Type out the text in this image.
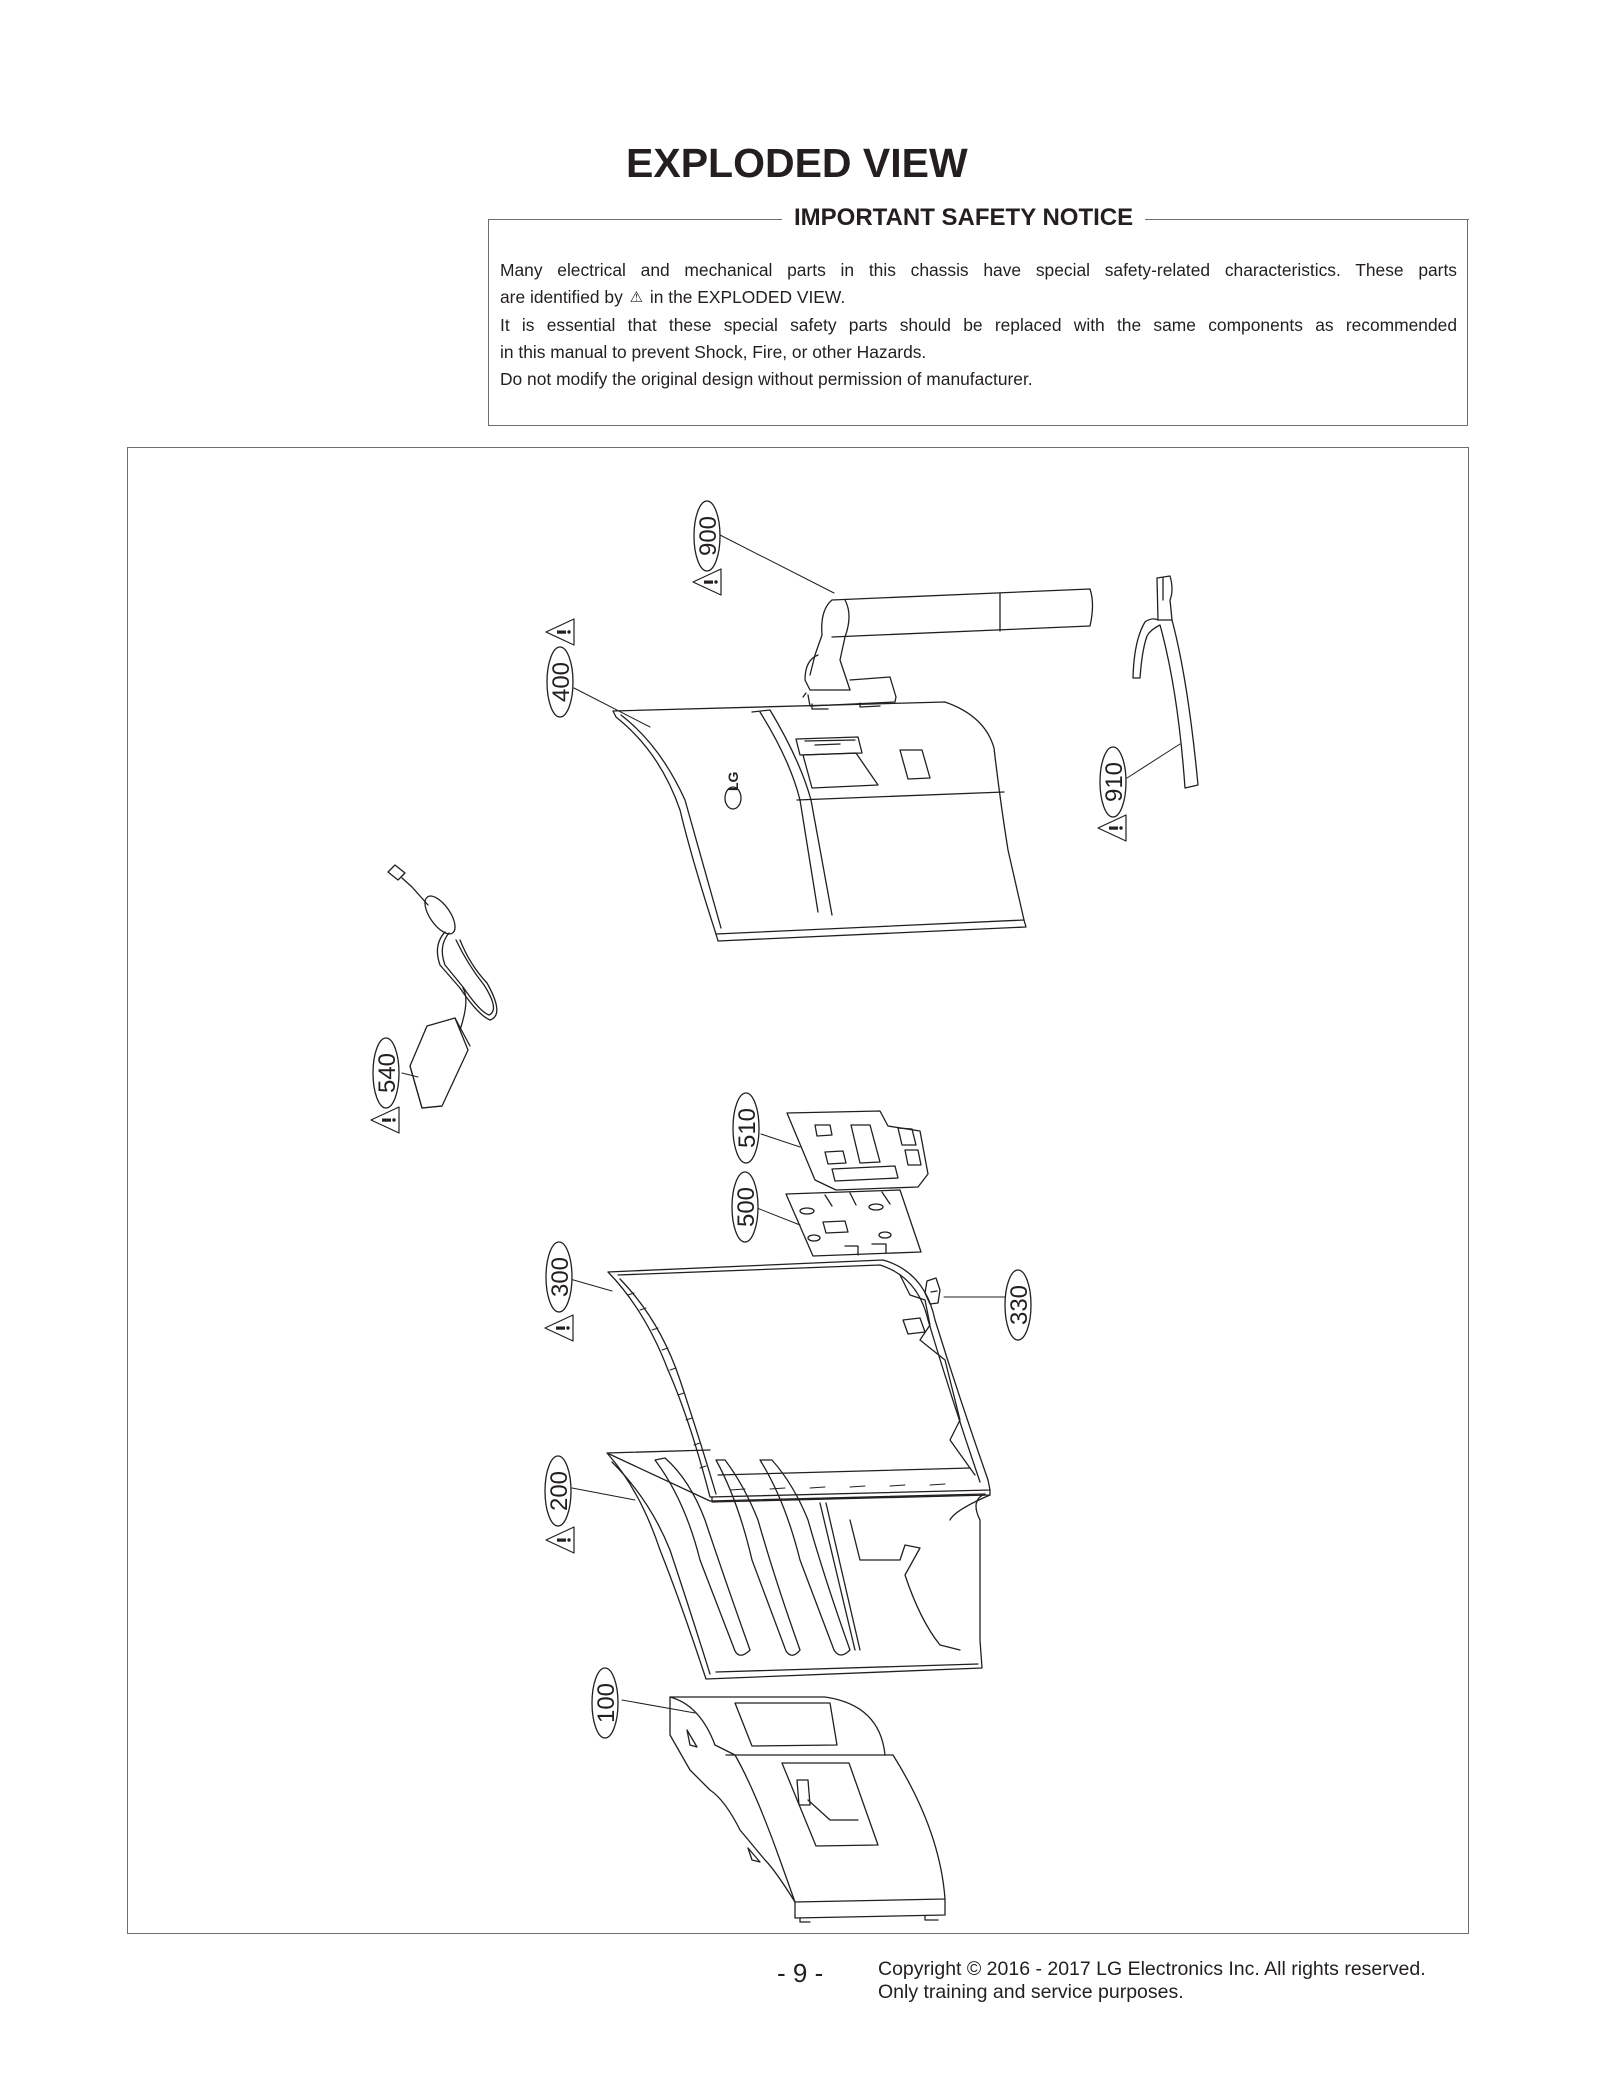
EXPLODED VIEW
IMPORTANT SAFETY NOTICE

Many electrical and mechanical parts in this chassis have special safety-related characteristics. These parts

are identified by ⚠ in the EXPLODED VIEW.

It is essential that these special safety parts should be replaced with the same components as recommended

in this manual to prevent Shock, Fire, or other Hazards.

Do not modify the original design without permission of manufacturer.

LG
900
910
400
540
510
500
330
300
200
100
- 9 -	Copyright © 2016 - 2017 LG Electronics Inc. All rights reserved.
Only training and service purposes.
